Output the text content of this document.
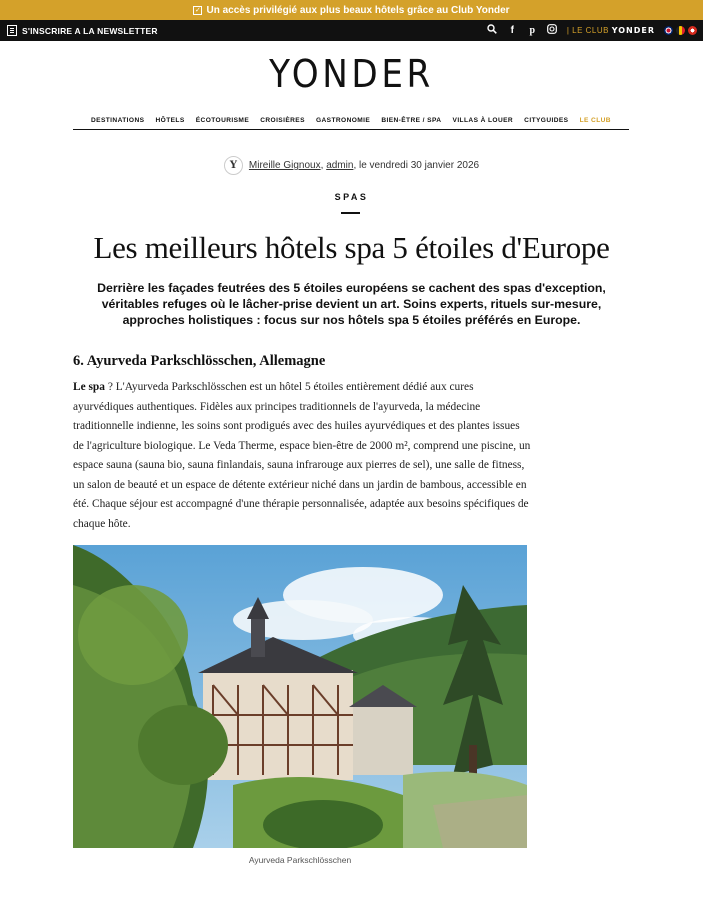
✓ Un accès privilégié aux plus beaux hôtels grâce au Club Yonder
S'INSCRIRE A LA NEWSLETTER	f	p	| LE CLUB YONDER
YONDER
DESTINATIONS HÔTELS ÉCOTOURISME CROISIÈRES GASTRONOMIE BIEN-ÊTRE / SPA VILLAS À LOUER CITYGUIDES LE CLUB
Y	Mireille Gignoux, admin, le vendredi 30 janvier 2026
SPAS
Les meilleurs hôtels spa 5 étoiles d'Europe

Derrière les façades feutrées des 5 étoiles européens se cachent des spas d'exception, véritables refuges où le lâcher-prise devient un art. Soins experts, rituels sur-mesure, approches holistiques : focus sur nos hôtels spa 5 étoiles préférés en Europe.

6. Ayurveda Parkschlösschen, Allemagne

Le spa ? L'Ayurveda Parkschlösschen est un hôtel 5 étoiles entièrement dédié aux cures ayurvédiques authentiques. Fidèles aux principes traditionnels de l'ayurveda, la médecine traditionnelle indienne, les soins sont prodigués avec des huiles ayurvédiques et des plantes issues de l'agriculture biologique. Le Veda Therme, espace bien-être de 2000 m², comprend une piscine, un espace sauna (sauna bio, sauna finlandais, sauna infrarouge aux pierres de sel), une salle de fitness, un salon de beauté et un espace de détente extérieur niché dans un jardin de bambous, accessible en été. Chaque séjour est accompagné d'une thérapie personnalisée, adaptée aux besoins spécifiques de chaque hôte.

Ayurveda Parkschlösschen
